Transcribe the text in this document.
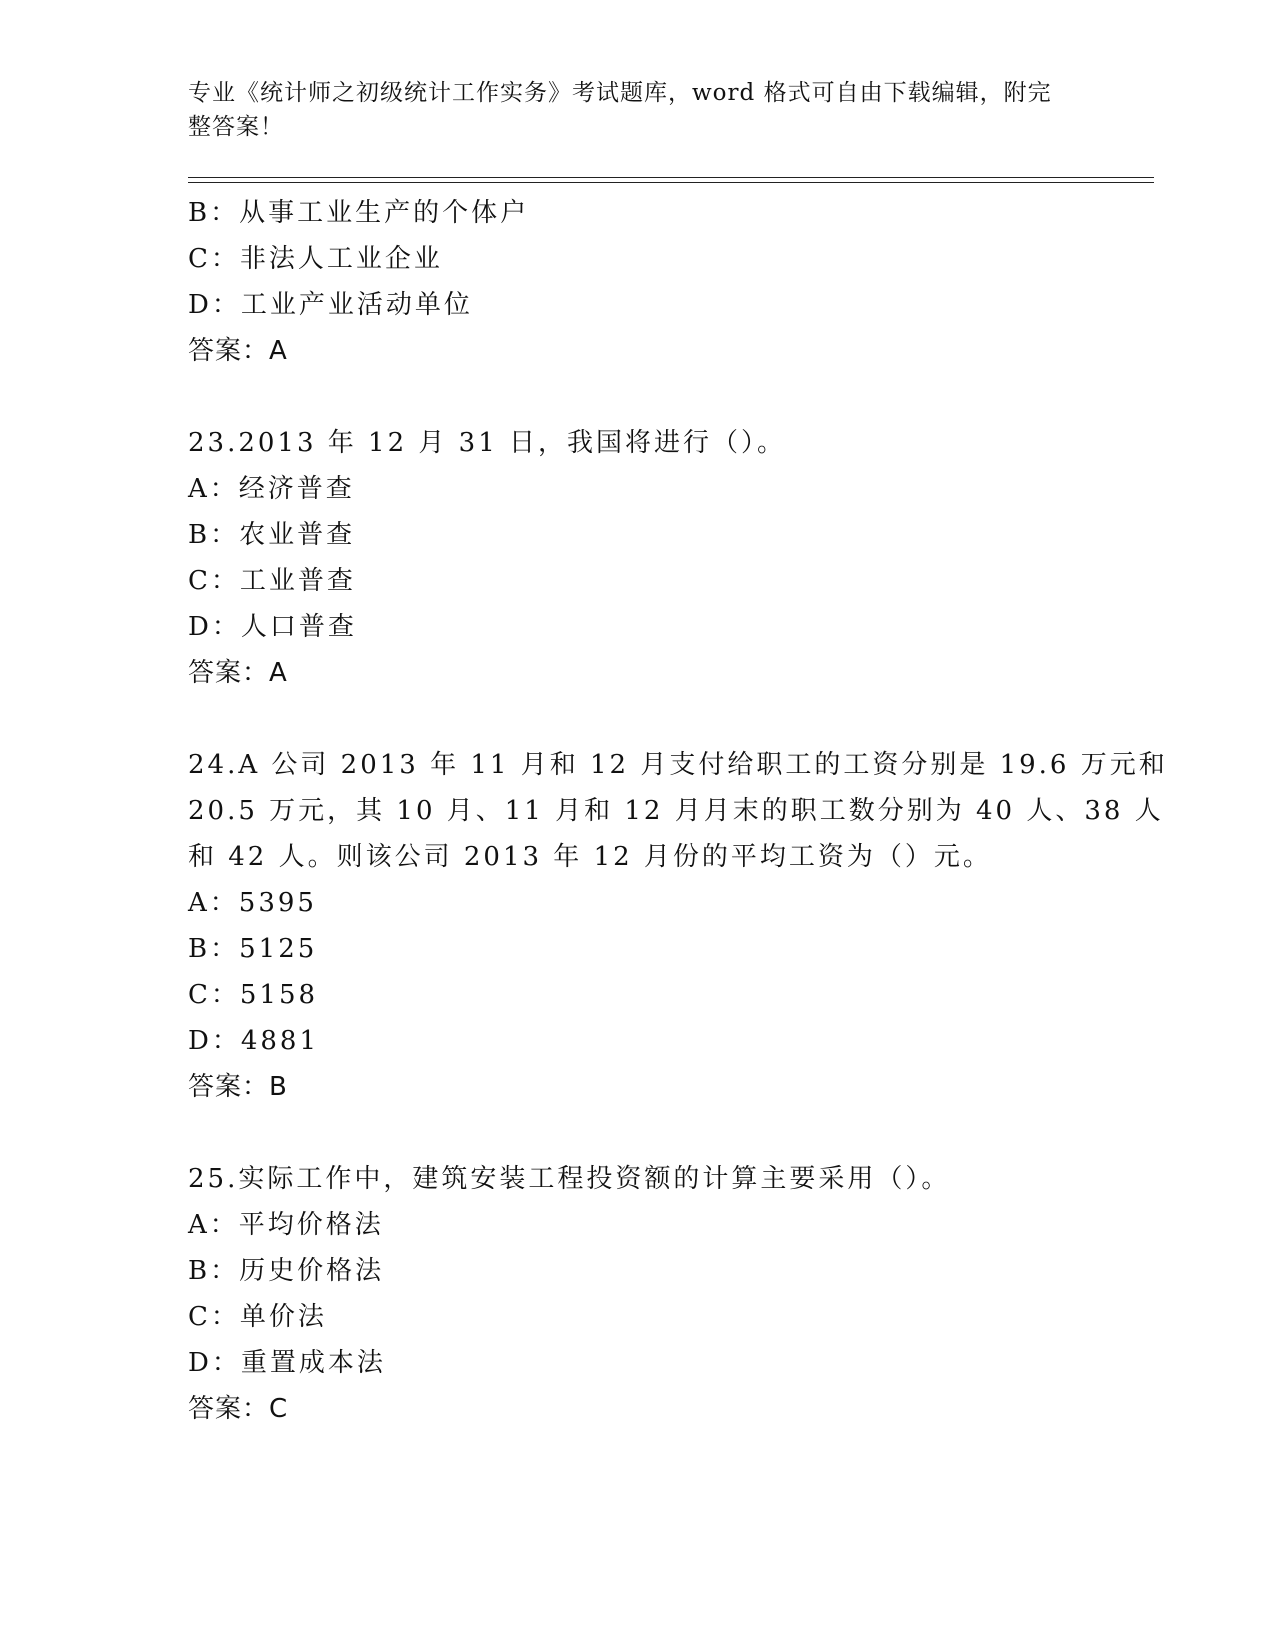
专业《统计师之初级统计工作实务》考试题库，word 格式可自由下载编辑，附完
整答案！
B：从事工业生产的个体户
C：非法人工业企业
D：工业产业活动单位
答案：A
23.2013 年 12 月 31 日，我国将进行（）。
A：经济普查
B：农业普查
C：工业普查
D：人口普查
答案：A
24.A 公司 2013 年 11 月和 12 月支付给职工的工资分别是 19.6 万元和
20.5 万元，其 10 月、11 月和 12 月月末的职工数分别为 40 人、38 人
和 42 人。则该公司 2013 年 12 月份的平均工资为（）元。
A：5395
B：5125
C：5158
D：4881
答案：B
25.实际工作中，建筑安装工程投资额的计算主要采用（）。
A：平均价格法
B：历史价格法
C：单价法
D：重置成本法
答案：C
